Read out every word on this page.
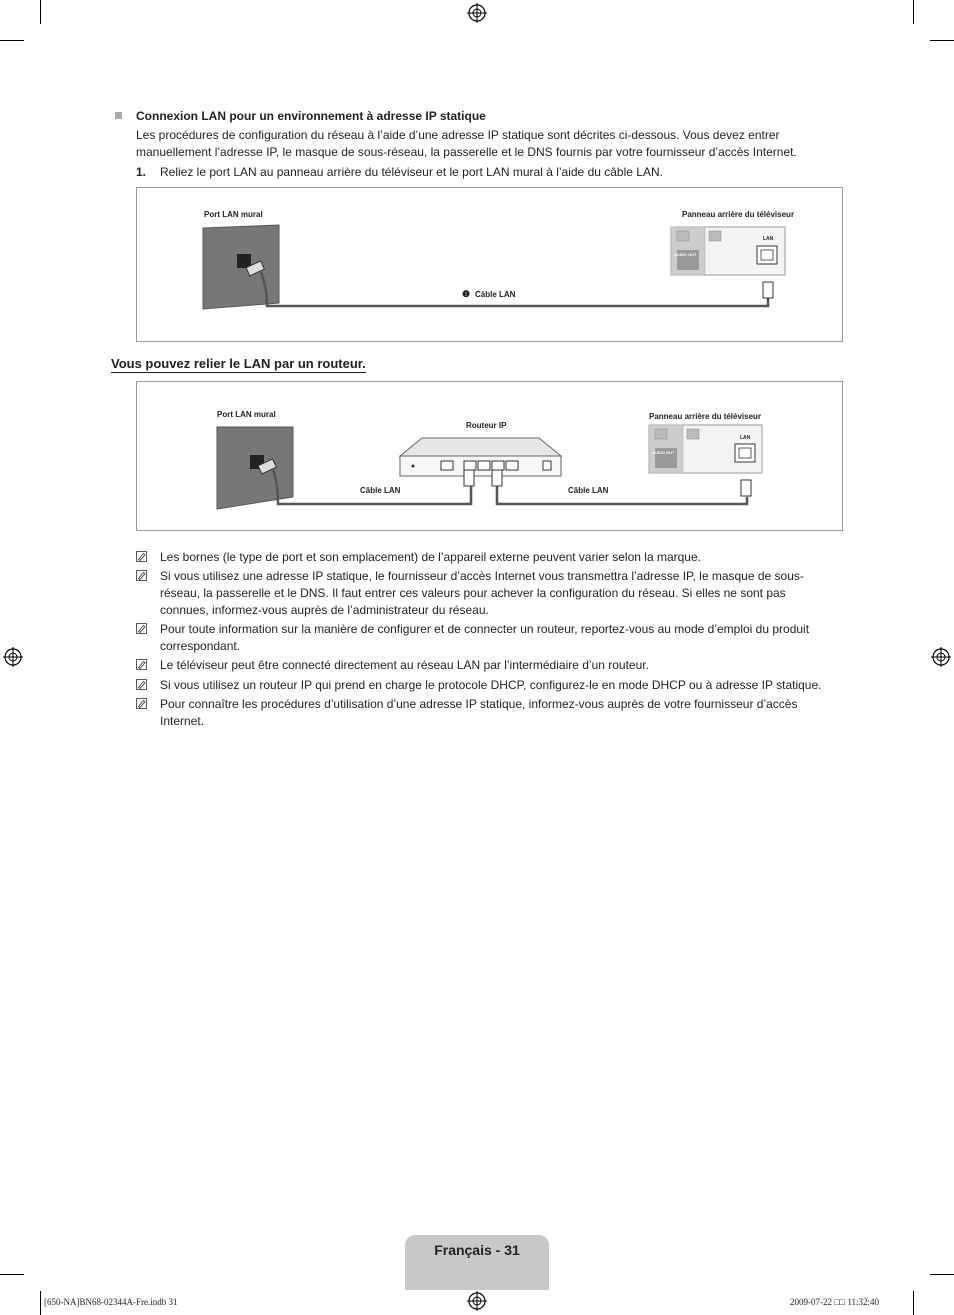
Connexion LAN pour un environnement à adresse IP statique
Les procédures de configuration du réseau à l’aide d’une adresse IP statique sont décrites ci-dessous. Vous devez entrer manuellement l’adresse IP, le masque de sous-réseau, la passerelle et le DNS fournis par votre fournisseur d’accès Internet.
1. Reliez le port LAN au panneau arrière du téléviseur et le port LAN mural à l’aide du câble LAN.
Port LAN mural	Panneau arrière du téléviseur
LAN
AUDIO OUT
❶ Câble LAN
Vous pouvez relier le LAN par un routeur.
Port LAN mural
Routeur IP
Panneau arrière du téléviseur
LAN
AUDIO OUT
Câble LAN	Câble LAN
Les bornes (le type de port et son emplacement) de l’appareil externe peuvent varier selon la marque.
Si vous utilisez une adresse IP statique, le fournisseur d’accès Internet vous transmettra l’adresse IP, le masque de sous-réseau, la passerelle et le DNS. Il faut entrer ces valeurs pour achever la configuration du réseau. Si elles ne sont pas connues, informez-vous auprès de l’administrateur du réseau.
Pour toute information sur la manière de configurer et de connecter un routeur, reportez-vous au mode d’emploi du produit correspondant.
Le téléviseur peut être connecté directement au réseau LAN par l’intermédiaire d’un routeur.
Si vous utilisez un routeur IP qui prend en charge le protocole DHCP, configurez-le en mode DHCP ou à adresse IP statique.
Pour connaître les procédures d’utilisation d’une adresse IP statique, informez-vous auprès de votre fournisseur d’accès Internet.
Français - 31
[650-NA]BN68-02344A-Fre.indb 31	2009-07-22 □□ 11:32:40
